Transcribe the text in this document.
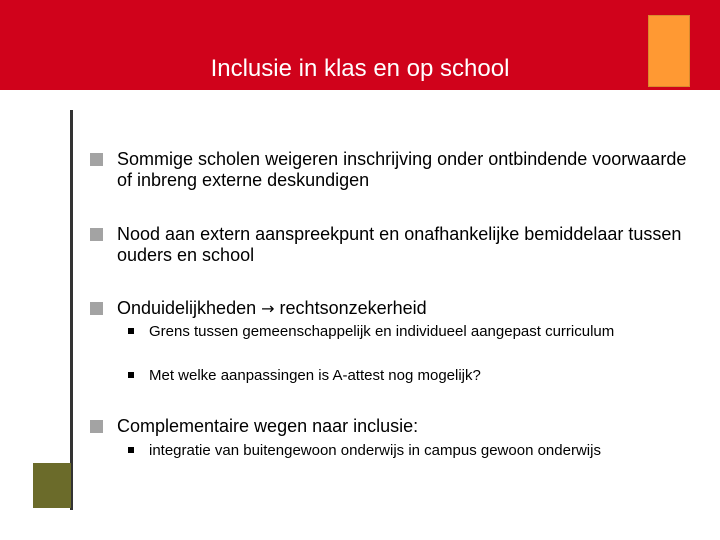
Inclusie in klas en op school
Sommige scholen weigeren inschrijving onder ontbindende voorwaarde of inbreng externe deskundigen
Nood aan extern aanspreekpunt en onafhankelijke bemiddelaar tussen ouders en school
Onduidelijkheden → rechtsonzekerheid
Grens tussen gemeenschappelijk en individueel aangepast curriculum
Met welke aanpassingen is A-attest nog mogelijk?
Complementaire wegen naar inclusie:
integratie van buitengewoon onderwijs in campus gewoon onderwijs
